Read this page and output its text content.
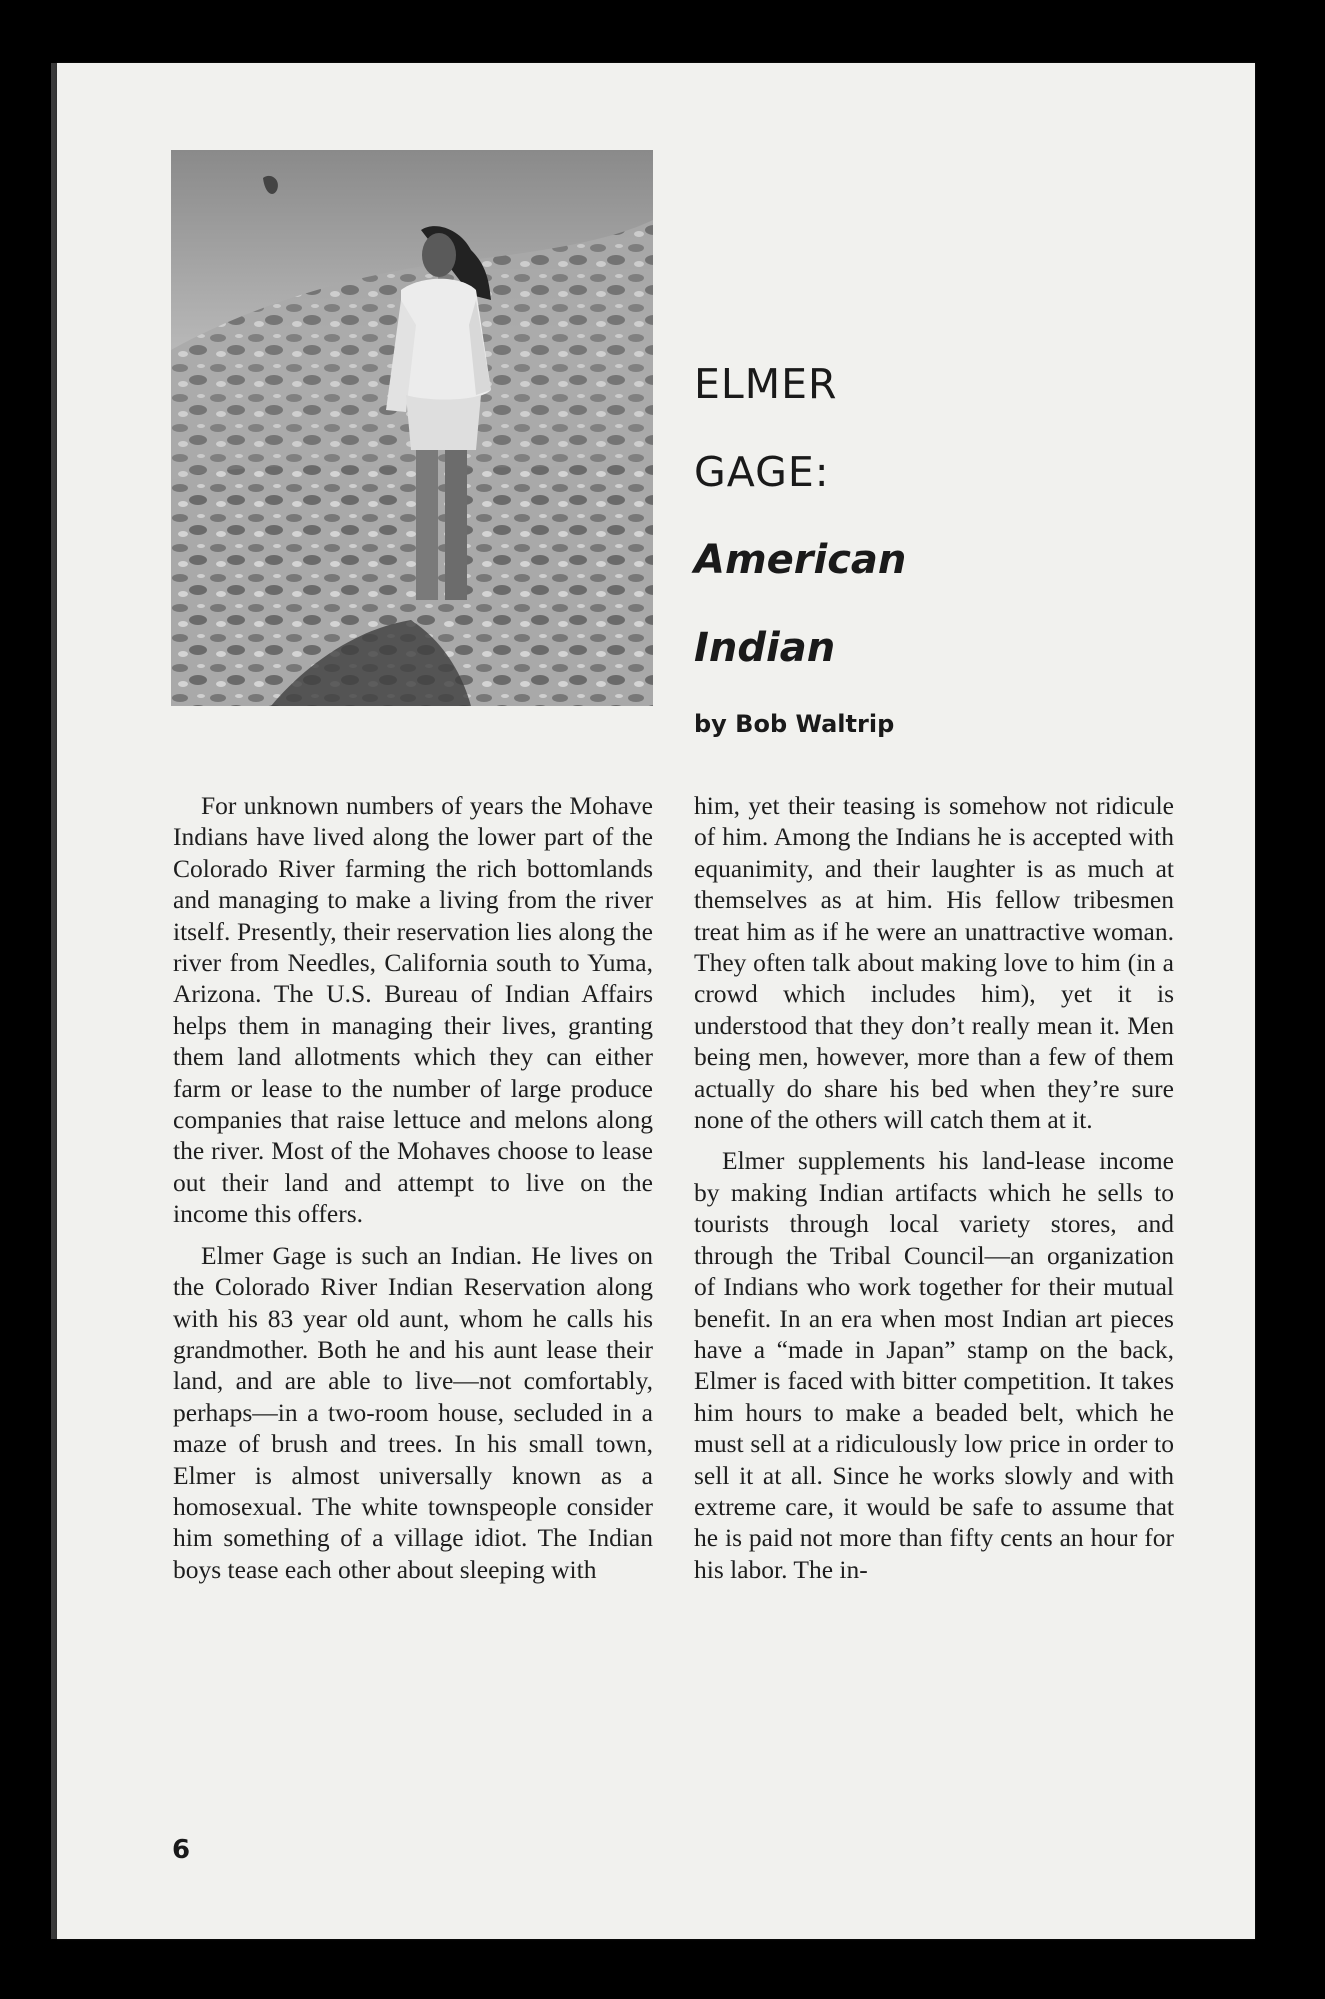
ELMER
GAGE:
American
Indian
by Bob Waltrip

For unknown numbers of years the Mohave Indians have lived along the lower part of the Colorado River farming the rich bottomlands and managing to make a living from the river itself. Presently, their reservation lies along the river from Needles, California south to Yuma, Arizona. The U.S. Bureau of Indian Affairs helps them in managing their lives, granting them land allotments which they can either farm or lease to the number of large produce companies that raise lettuce and melons along the river. Most of the Mohaves choose to lease out their land and attempt to live on the income this offers.

Elmer Gage is such an Indian. He lives on the Colorado River Indian Reservation along with his 83 year old aunt, whom he calls his grandmother. Both he and his aunt lease their land, and are able to live—not comfortably, perhaps—in a two-room house, secluded in a maze of brush and trees. In his small town, Elmer is almost universally known as a homosexual. The white townspeople consider him something of a village idiot. The Indian boys tease each other about sleeping with

him, yet their teasing is somehow not ridicule of him. Among the Indians he is accepted with equanimity, and their laughter is as much at themselves as at him. His fellow tribesmen treat him as if he were an unattractive woman. They often talk about making love to him (in a crowd which includes him), yet it is understood that they don’t really mean it. Men being men, however, more than a few of them actually do share his bed when they’re sure none of the others will catch them at it.

Elmer supplements his land-lease income by making Indian artifacts which he sells to tourists through local variety stores, and through the Tribal Council—an organization of Indians who work together for their mutual benefit. In an era when most Indian art pieces have a “made in Japan” stamp on the back, Elmer is faced with bitter competition. It takes him hours to make a beaded belt, which he must sell at a ridiculously low price in order to sell it at all. Since he works slowly and with extreme care, it would be safe to assume that he is paid not more than fifty cents an hour for his labor. The in-

6
